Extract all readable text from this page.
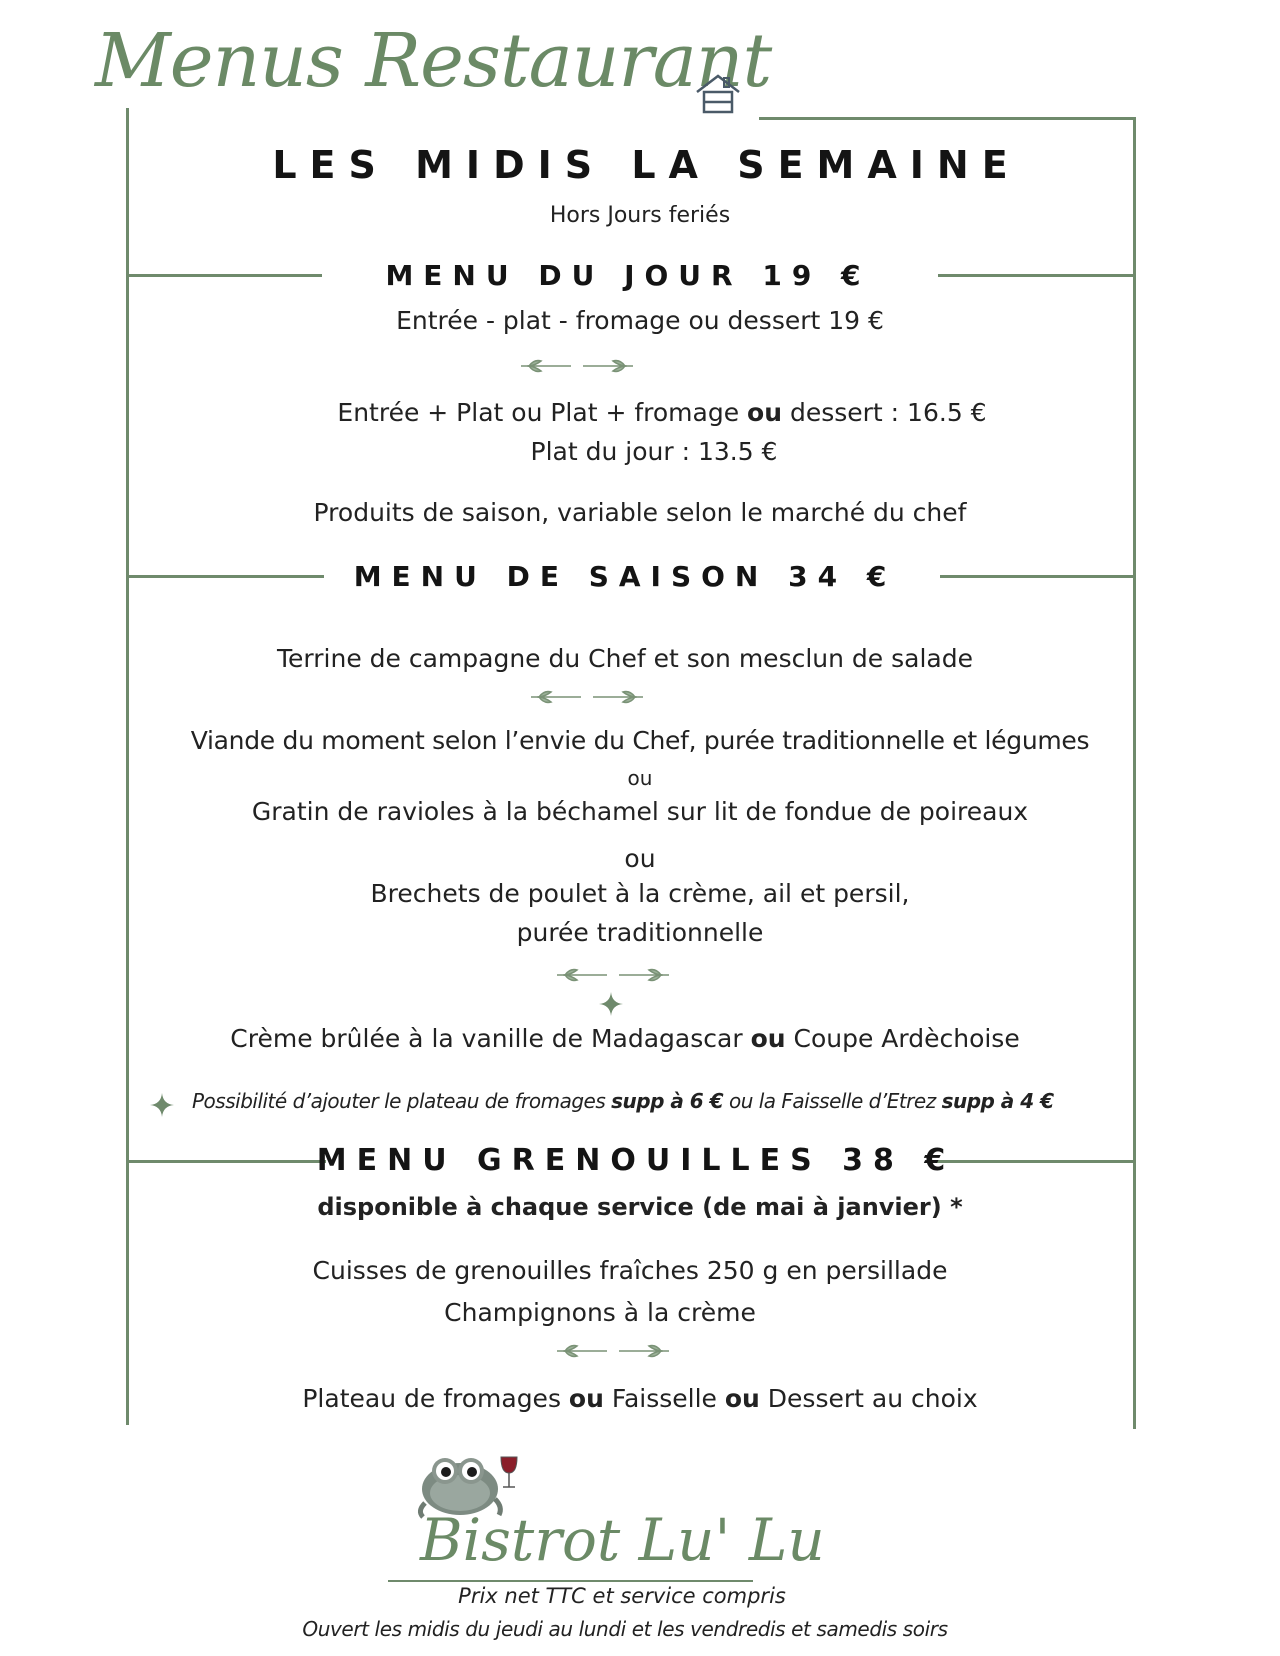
Menus Restaurant
LES MIDIS LA SEMAINE
Hors Jours feriés
MENU DU JOUR 19 €
Entrée - plat - fromage ou dessert 19 €
Entrée + Plat ou Plat + fromage ou dessert : 16.5 €
Plat du jour : 13.5 €
Produits de saison, variable selon le marché du chef
MENU DE SAISON 34 €
Terrine de campagne du Chef et son mesclun de salade
Viande du moment selon l’envie du Chef, purée traditionnelle et légumes
ou
Gratin de ravioles à la béchamel sur lit de fondue de poireaux
ou
Brechets de poulet à la crème, ail et persil,
purée traditionnelle
Crème brûlée à la vanille de Madagascar ou Coupe Ardèchoise
Possibilité d’ajouter le plateau de fromages supp à 6 € ou la Faisselle d’Etrez supp à 4 €
MENU GRENOUILLES 38 €
disponible à chaque service (de mai à janvier) *
Cuisses de grenouilles fraîches 250 g en persillade
Champignons à la crème
Plateau de fromages ou Faisselle ou Dessert au choix
Bistrot Lu' Lu
Prix net TTC et service compris
Ouvert les midis du jeudi au lundi et les vendredis et samedis soirs
